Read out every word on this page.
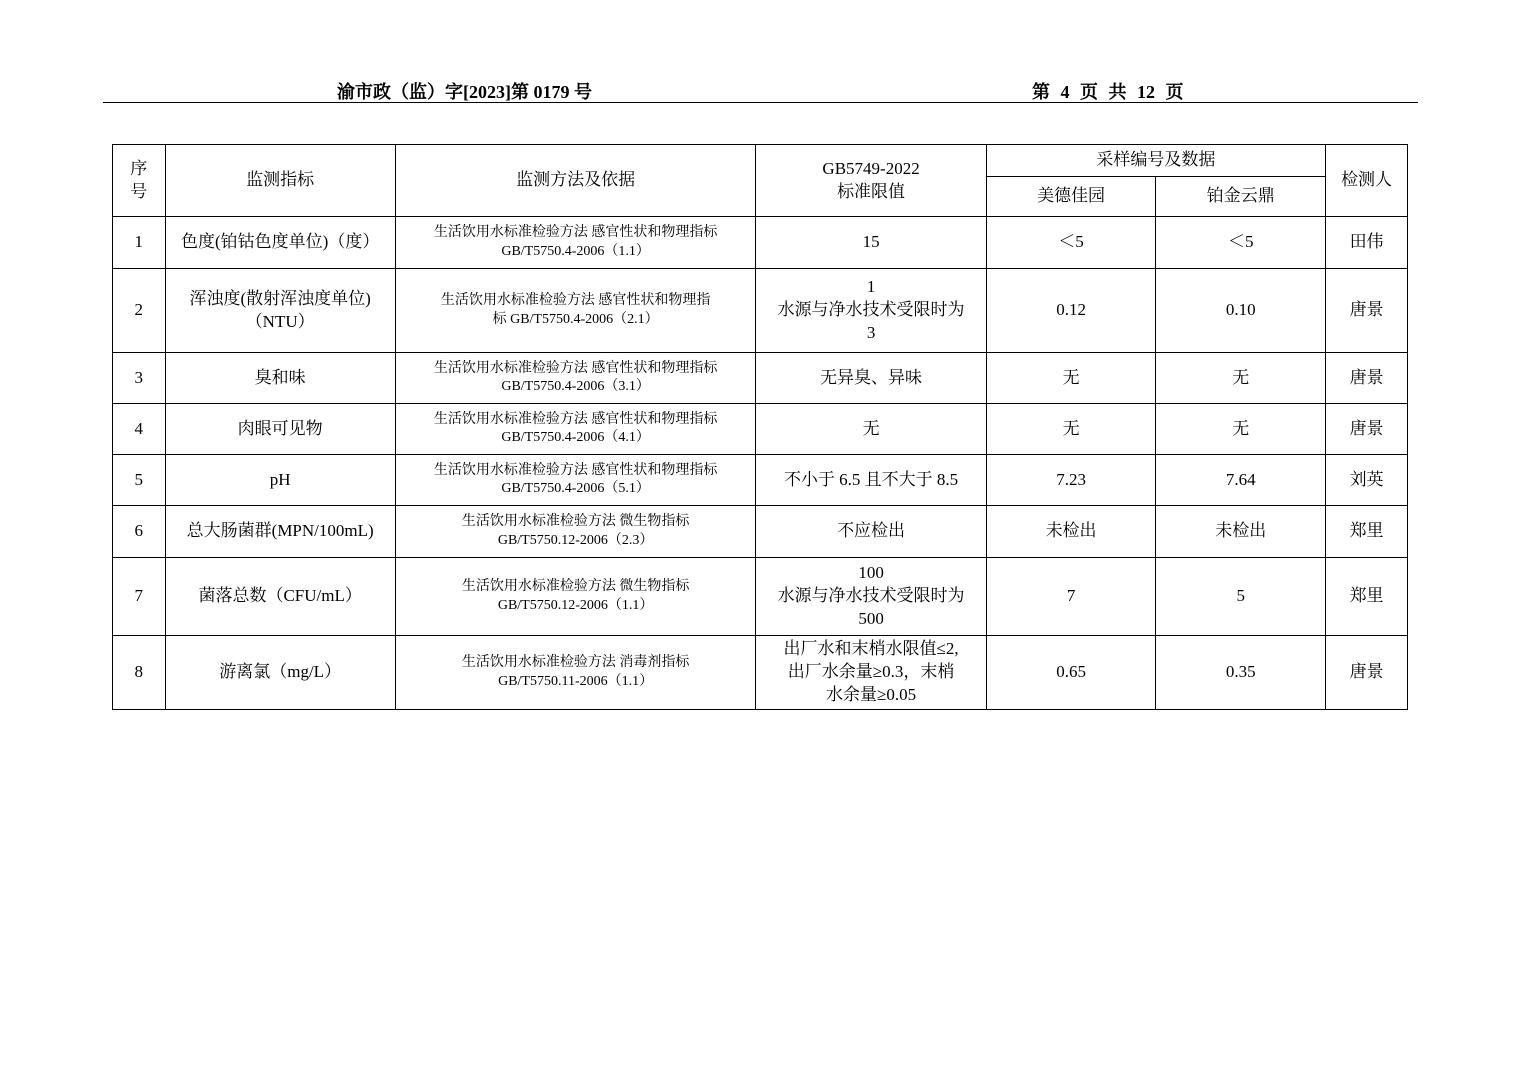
渝市政（监）字[2023]第 0179 号	第 4 页 共 12 页
序
号	监测指标	监测方法及依据	GB5749-2022
标准限值	采样编号及数据		检测人
				美德佳园	铂金云鼎	
1	色度(铂钴色度单位)（度）	生活饮用水标准检验方法 感官性状和物理指标
GB/T5750.4-2006（1.1）	15	＜5	＜5	田伟
2	浑浊度(散射浑浊度单位)
（NTU）	生活饮用水标准检验方法 感官性状和物理指
标 GB/T5750.4-2006（2.1）	1
水源与净水技术受限时为
3	0.12	0.10	唐景
3	臭和味	生活饮用水标准检验方法 感官性状和物理指标
GB/T5750.4-2006（3.1）	无异臭、异味	无	无	唐景
4	肉眼可见物	生活饮用水标准检验方法 感官性状和物理指标
GB/T5750.4-2006（4.1）	无	无	无	唐景
5	pH	生活饮用水标准检验方法 感官性状和物理指标
GB/T5750.4-2006（5.1）	不小于 6.5 且不大于 8.5	7.23	7.64	刘英
6	总大肠菌群(MPN/100mL)	生活饮用水标准检验方法 微生物指标
GB/T5750.12-2006（2.3）	不应检出	未检出	未检出	郑里
7	菌落总数（CFU/mL）	生活饮用水标准检验方法 微生物指标
GB/T5750.12-2006（1.1）	100
水源与净水技术受限时为
500	7	5	郑里
8	游离氯（mg/L）	生活饮用水标准检验方法 消毒剂指标
GB/T5750.11-2006（1.1）	出厂水和末梢水限值≤2,
出厂水余量≥0.3，末梢
水余量≥0.05	0.65	0.35	唐景
